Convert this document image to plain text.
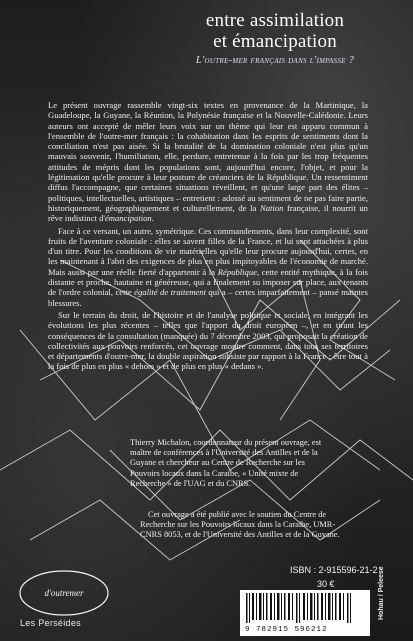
entre assimilation
et émancipation
L'outre-mer français dans l'impasse ?

Le présent ouvrage rassemble vingt-six textes en provenance de la Martinique, la Guadeloupe, la Guyane, la Réunion, la Polynésie française et la Nouvelle-Calédonie. Leurs auteurs ont accepté de mêler leurs voix sur un thème qui leur est apparu commun à l'ensemble de l'outre-mer français : la cohabitation dans les esprits de sentiments dont la conciliation n'est pas aisée. Si la brutalité de la domination coloniale n'est plus qu'un mauvais souvenir, l'humiliation, elle, perdure, entretenue à la fois par les trop fréquentes attitudes de mépris dont les populations sont, aujourd'hui encore, l'objet, et pour la légitimation qu'elle procure à leur posture de créanciers de la République. Un ressentiment diffus l'accompagne, que certaines situations réveillent, et qu'une large part des élites – politiques, intellectuelles, artistiques – entretient : adossé au sentiment de ne pas faire partie, historiquement, géographiquement et culturellement, de la Nation française, il nourrit un rêve indistinct d'émancipation.

Face à ce versant, un autre, symétrique. Ces commandements, dans leur complexité, sont fruits de l'aventure coloniale : elles se savent filles de la France, et lui sont attachées à plus d'un titre. Pour les conditions de vie matérielles qu'elle leur procure aujourd'hui, certes, en les maintenant à l'abri des exigences de plus en plus impitoyables de l'économie de marché. Mais aussi par une réelle fierté d'appartenir à la République, cette entité mythique, à la fois distante et proche, hautaine et généreuse, qui a finalement su imposer sur place, aux tenants de l'ordre colonial, cette égalité de traitement qui a – certes imparfaitement – pansé maintes blessures.

Sur le terrain du droit, de l'histoire et de l'analyse politique et sociale, en intégrant les évolutions les plus récentes – telles que l'apport du droit européen –, et en tirant les conséquences de la consultation (manquée) du 7 décembre 2003, qui proposait la création de collectivités aux pouvoirs renforcés, cet ouvrage montre comment, dans tous ses territoires et départements d'outre-mer, la double aspiration subsiste par rapport à la France : être tout à la fois de plus en plus « dehors » et de plus en plus « dedans ».

Thierry Michalon, coordonnateur du présent ouvrage, est maître de conférences à l'Université des Antilles et de la Guyane et chercheur au Centre de Recherche sur les Pouvoirs locaux dans la Caraïbe, « Unité mixte de Recherche » de l'UAG et du CNRS.
Cet ouvrage a été publié avec le soutien du Centre de Recherche sur les Pouvoirs locaux dans la Caraïbe, UMR-CNRS 8053, et de l'Université des Antilles et de la Guyane.
d'outremer
Les Perséides
ISBN : 2-915596-21-2
30 €
9 782915 596212
Hohau / Peleese
